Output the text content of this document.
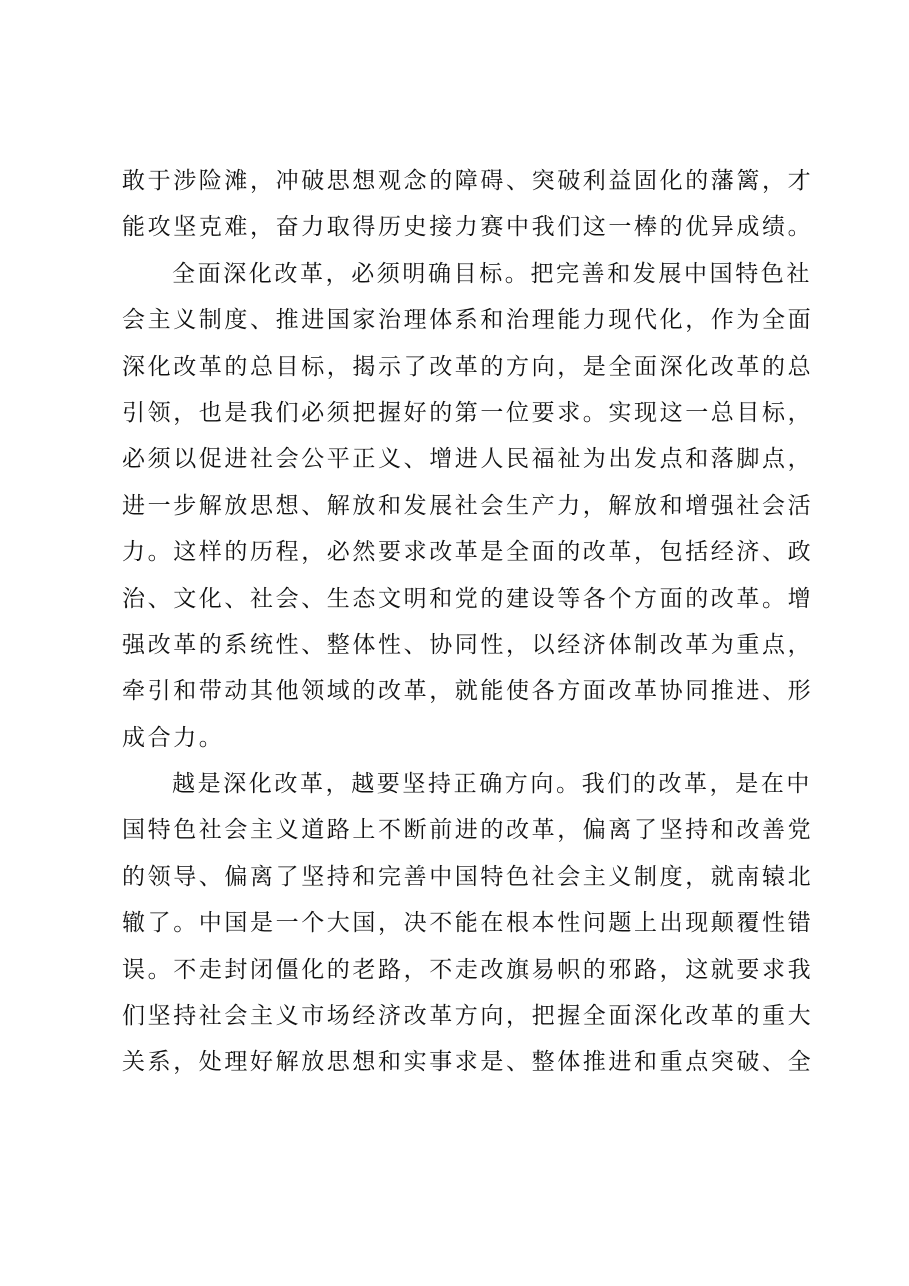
敢于涉险滩，冲破思想观念的障碍、突破利益固化的藩篱，才
能攻坚克难，奋力取得历史接力赛中我们这一棒的优异成绩。
全面深化改革，必须明确目标。把完善和发展中国特色社
会主义制度、推进国家治理体系和治理能力现代化，作为全面
深化改革的总目标，揭示了改革的方向，是全面深化改革的总
引领，也是我们必须把握好的第一位要求。实现这一总目标，
必须以促进社会公平正义、增进人民福祉为出发点和落脚点，
进一步解放思想、解放和发展社会生产力，解放和增强社会活
力。这样的历程，必然要求改革是全面的改革，包括经济、政
治、文化、社会、生态文明和党的建设等各个方面的改革。增
强改革的系统性、整体性、协同性，以经济体制改革为重点，
牵引和带动其他领域的改革，就能使各方面改革协同推进、形
成合力。
越是深化改革，越要坚持正确方向。我们的改革，是在中
国特色社会主义道路上不断前进的改革，偏离了坚持和改善党
的领导、偏离了坚持和完善中国特色社会主义制度，就南辕北
辙了。中国是一个大国，决不能在根本性问题上出现颠覆性错
误。不走封闭僵化的老路，不走改旗易帜的邪路，这就要求我
们坚持社会主义市场经济改革方向，把握全面深化改革的重大
关系，处理好解放思想和实事求是、整体推进和重点突破、全
